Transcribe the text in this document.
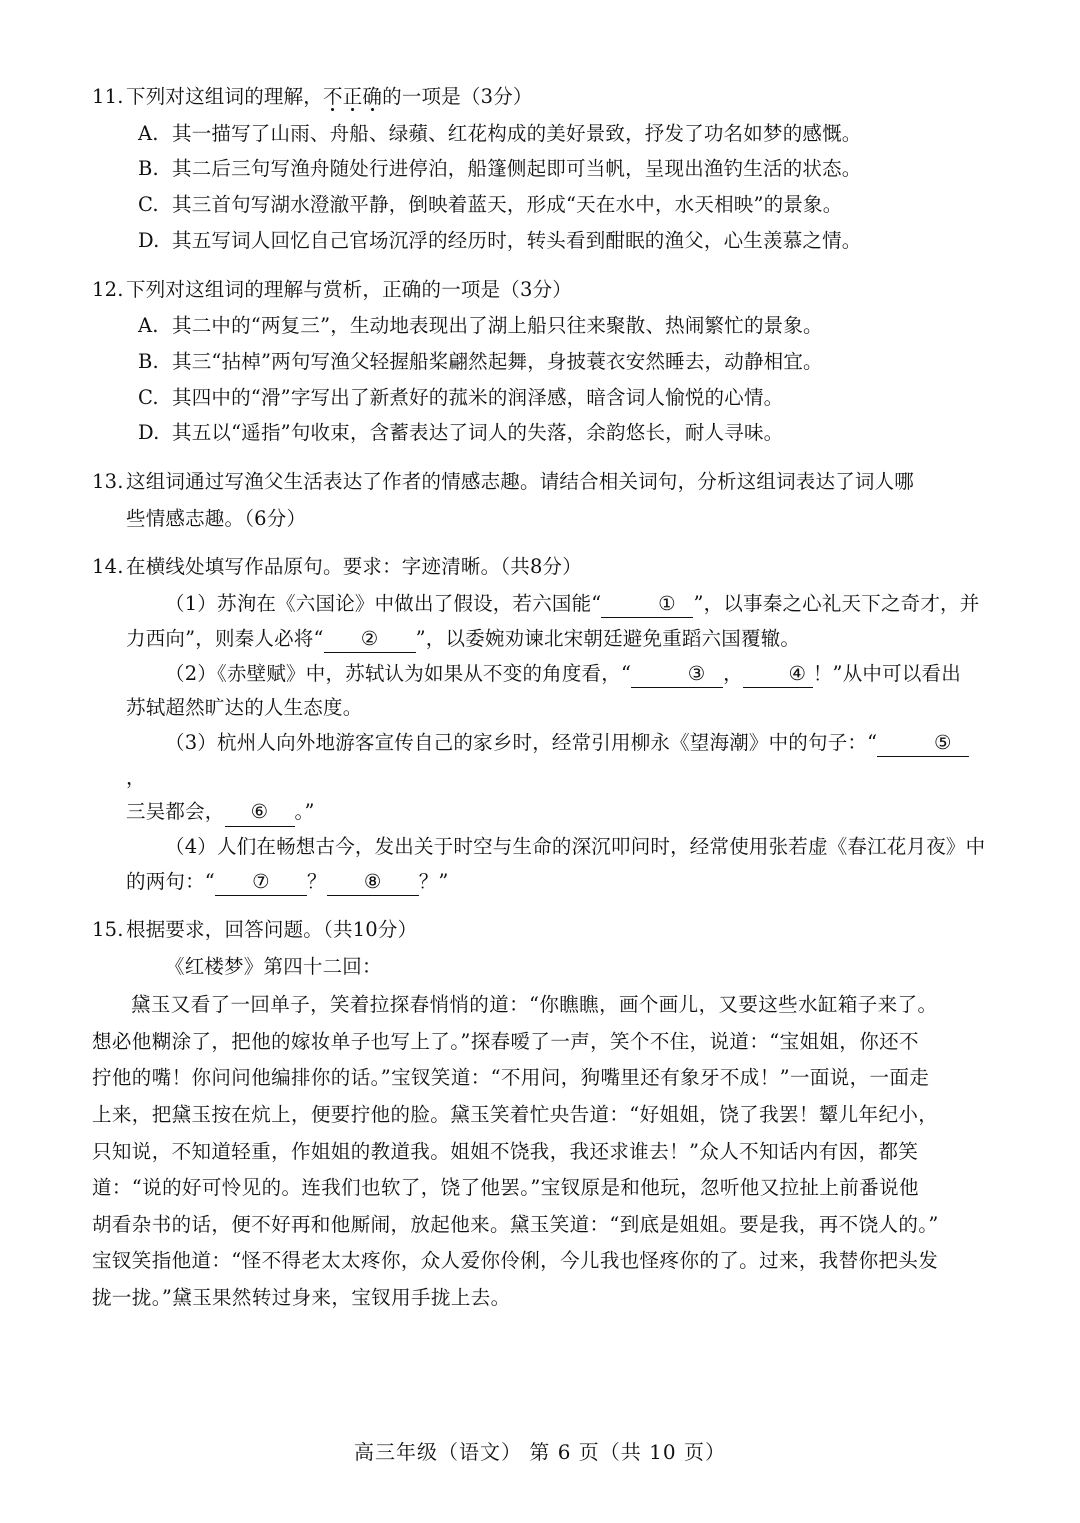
11. 下列对这组词的理解，不正确的一项是（3分）
A. 其一描写了山雨、舟船、绿蘋、红花构成的美好景致，抒发了功名如梦的感慨。
B. 其二后三句写渔舟随处行进停泊，船篷侧起即可当帆，呈现出渔钓生活的状态。
C. 其三首句写湖水澄澈平静，倒映着蓝天，形成“天在水中，水天相映”的景象。
D. 其五写词人回忆自己官场沉浮的经历时，转头看到酣眠的渔父，心生羡慕之情。
12. 下列对这组词的理解与赏析，正确的一项是（3分）
A. 其二中的“两复三”，生动地表现出了湖上船只往来聚散、热闹繁忙的景象。
B. 其三“拈棹”两句写渔父轻握船桨翩然起舞，身披蓑衣安然睡去，动静相宜。
C. 其四中的“滑”字写出了新煮好的菰米的润泽感，暗含词人愉悦的心情。
D. 其五以“遥指”句收束，含蓄表达了词人的失落，余韵悠长，耐人寻味。
13. 这组词通过写渔父生活表达了作者的情感志趣。请结合相关词句，分析这组词表达了词人哪
些情感志趣。（6分）
14. 在横线处填写作品原句。要求：字迹清晰。（共8分）
（1）苏洵在《六国论》中做出了假设，若六国能“	① ”，以事秦之心礼天下之奇才，并
力西向”，则秦人必将“ ② ”，以委婉劝谏北宋朝廷避免重蹈六国覆辙。
（2）《赤壁赋》中，苏轼认为如果从不变的角度看，“	③ ， ④ ！”从中可以看出
苏轼超然旷达的人生态度。
（3）杭州人向外地游客宣传自己的家乡时，经常引用柳永《望海潮》中的句子：“	⑤，
三吴都会， ⑥ 。”
（4）人们在畅想古今，发出关于时空与生命的深沉叩问时，经常使用张若虚《春江花月夜》中
的两句：“ ⑦ ？ ⑧ ？”
15. 根据要求，回答问题。（共10分）
《红楼梦》第四十二回：
黛玉又看了一回单子，笑着拉探春悄悄的道：“你瞧瞧，画个画儿，又要这些水缸箱子来了。
想必他糊涂了，把他的嫁妆单子也写上了。”探春嗳了一声，笑个不住，说道：“宝姐姐，你还不
拧他的嘴！你问问他编排你的话。”宝钗笑道：“不用问，狗嘴里还有象牙不成！”一面说，一面走
上来，把黛玉按在炕上，便要拧他的脸。黛玉笑着忙央告道：“好姐姐，饶了我罢！颦儿年纪小，
只知说，不知道轻重，作姐姐的教道我。姐姐不饶我，我还求谁去！”众人不知话内有因，都笑
道：“说的好可怜见的。连我们也软了，饶了他罢。”宝钗原是和他玩，忽听他又拉扯上前番说他
胡看杂书的话，便不好再和他厮闹，放起他来。黛玉笑道：“到底是姐姐。要是我，再不饶人的。”
宝钗笑指他道：“怪不得老太太疼你，众人爱你伶俐，今儿我也怪疼你的了。过来，我替你把头发
拢一拢。”黛玉果然转过身来，宝钗用手拢上去。
高三年级（语文） 第 6 页（共 10 页）
